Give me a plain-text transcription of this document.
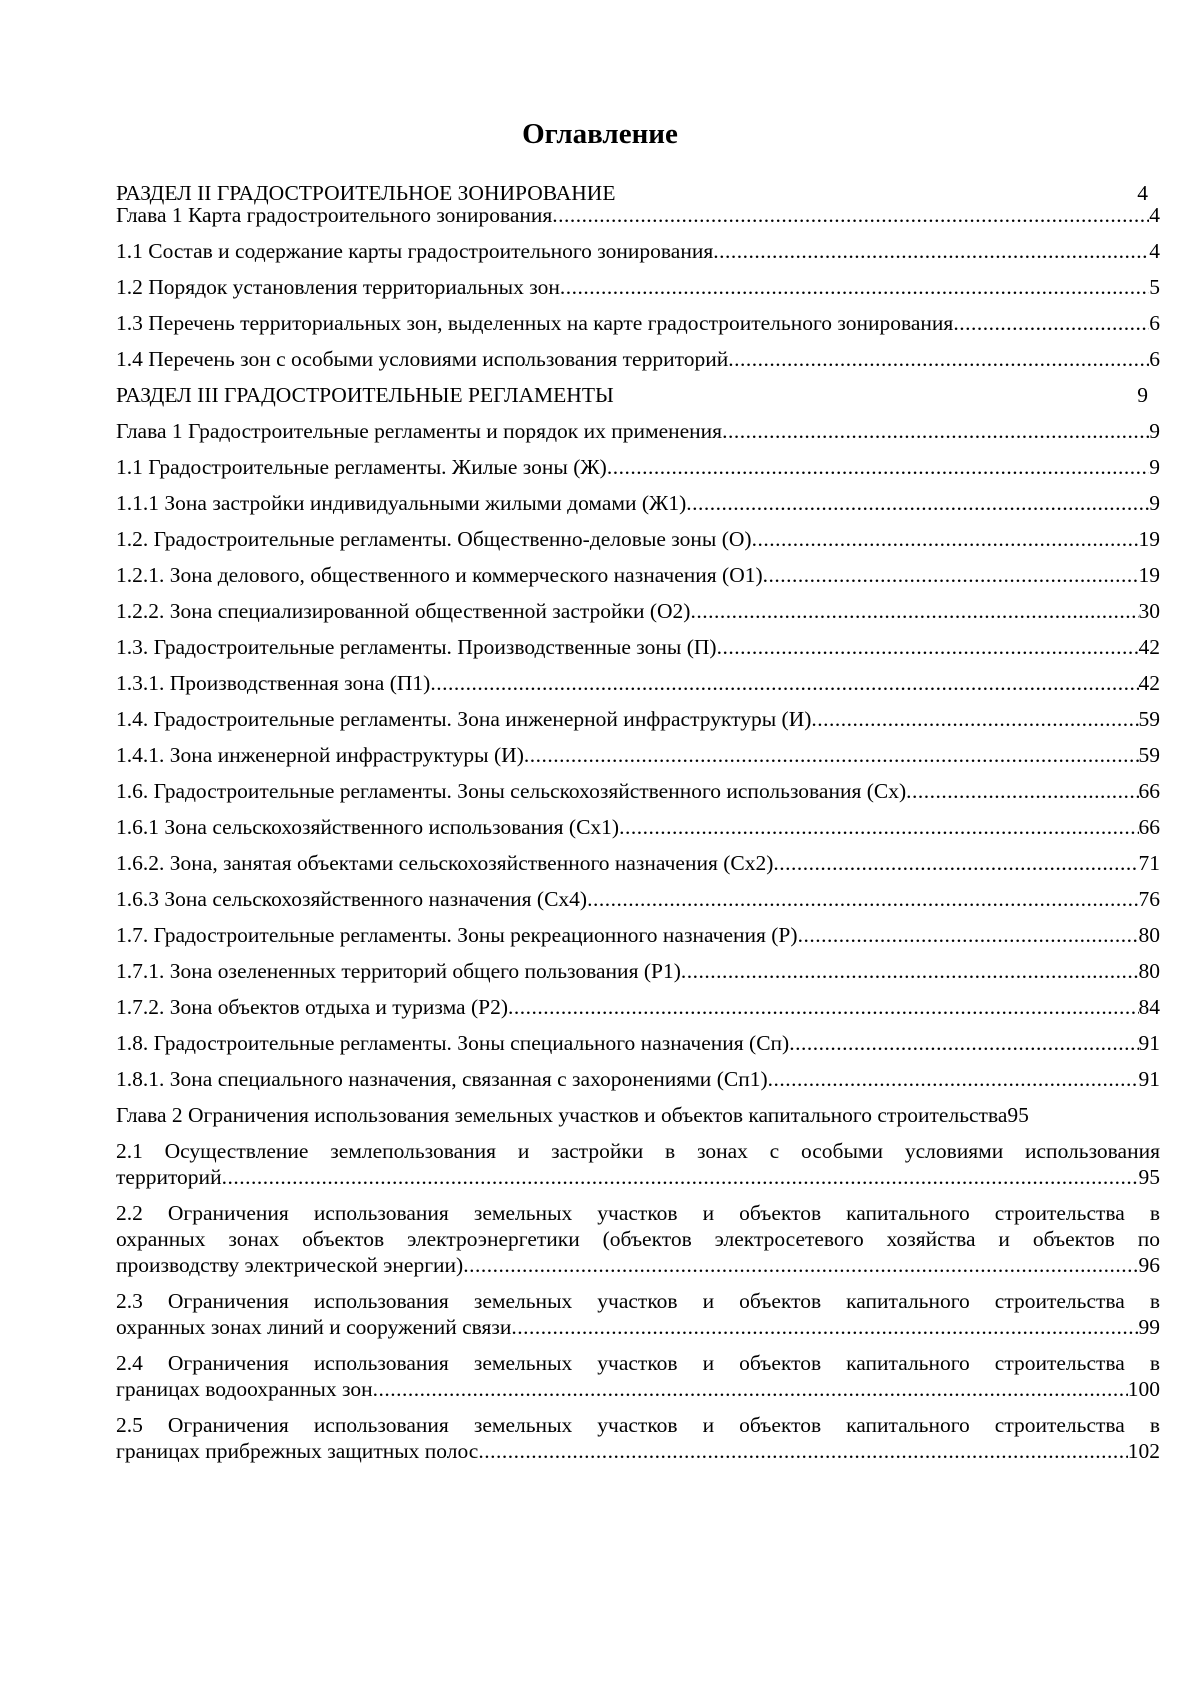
Оглавление
РАЗДЕЛ II ГРАДОСТРОИТЕЛЬНОЕ ЗОНИРОВАНИЕ	4
Глава 1 Карта градостроительного зонирования .....	4
1.1 Состав и содержание карты градостроительного зонирования .....	4
1.2 Порядок установления территориальных зон .....	5
1.3 Перечень территориальных зон, выделенных на карте градостроительного зонирования .....	6
1.4 Перечень зон с особыми условиями использования территорий .....	6
РАЗДЕЛ III ГРАДОСТРОИТЕЛЬНЫЕ РЕГЛАМЕНТЫ	9
Глава 1 Градостроительные регламенты и порядок их применения .....	9
1.1 Градостроительные регламенты. Жилые зоны (Ж) .....	9
1.1.1 Зона застройки индивидуальными жилыми домами (Ж1) .....	9
1.2. Градостроительные регламенты. Общественно-деловые зоны (О) .....	19
1.2.1. Зона делового, общественного и коммерческого назначения (О1) .....	19
1.2.2. Зона специализированной общественной застройки (О2) .....	30
1.3. Градостроительные регламенты. Производственные зоны (П) .....	42
1.3.1. Производственная зона (П1) .....	42
1.4. Градостроительные регламенты. Зона инженерной инфраструктуры (И) .....	59
1.4.1. Зона инженерной инфраструктуры (И) .....	59
1.6. Градостроительные регламенты. Зоны сельскохозяйственного использования (Сх) .....	66
1.6.1 Зона сельскохозяйственного использования (Сх1) .....	66
1.6.2. Зона, занятая объектами сельскохозяйственного назначения (Сх2) .....	71
1.6.3 Зона сельскохозяйственного назначения (Сх4) .....	76
1.7. Градостроительные регламенты. Зоны рекреационного назначения (Р) .....	80
1.7.1. Зона озелененных территорий общего пользования (Р1) .....	80
1.7.2. Зона объектов отдыха и туризма (Р2) .....	84
1.8. Градостроительные регламенты. Зоны специального назначения (Сп) .....	91
1.8.1. Зона специального назначения, связанная с захоронениями (Сп1) .....	91
Глава 2 Ограничения использования земельных участков и объектов капитального строительства95
2.1 Осуществление землепользования и застройки в зонах с особыми условиями использования
территорий .....	95
2.2 Ограничения использования земельных участков и объектов капитального строительства в
охранных зонах объектов электроэнергетики (объектов электросетевого хозяйства и объектов по
производству электрической энергии) .....	96
2.3 Ограничения использования земельных участков и объектов капитального строительства в
охранных зонах линий и сооружений связи .....	99
2.4 Ограничения использования земельных участков и объектов капитального строительства в
границах водоохранных зон .....	100
2.5 Ограничения использования земельных участков и объектов капитального строительства в
границах прибрежных защитных полос .....	102
